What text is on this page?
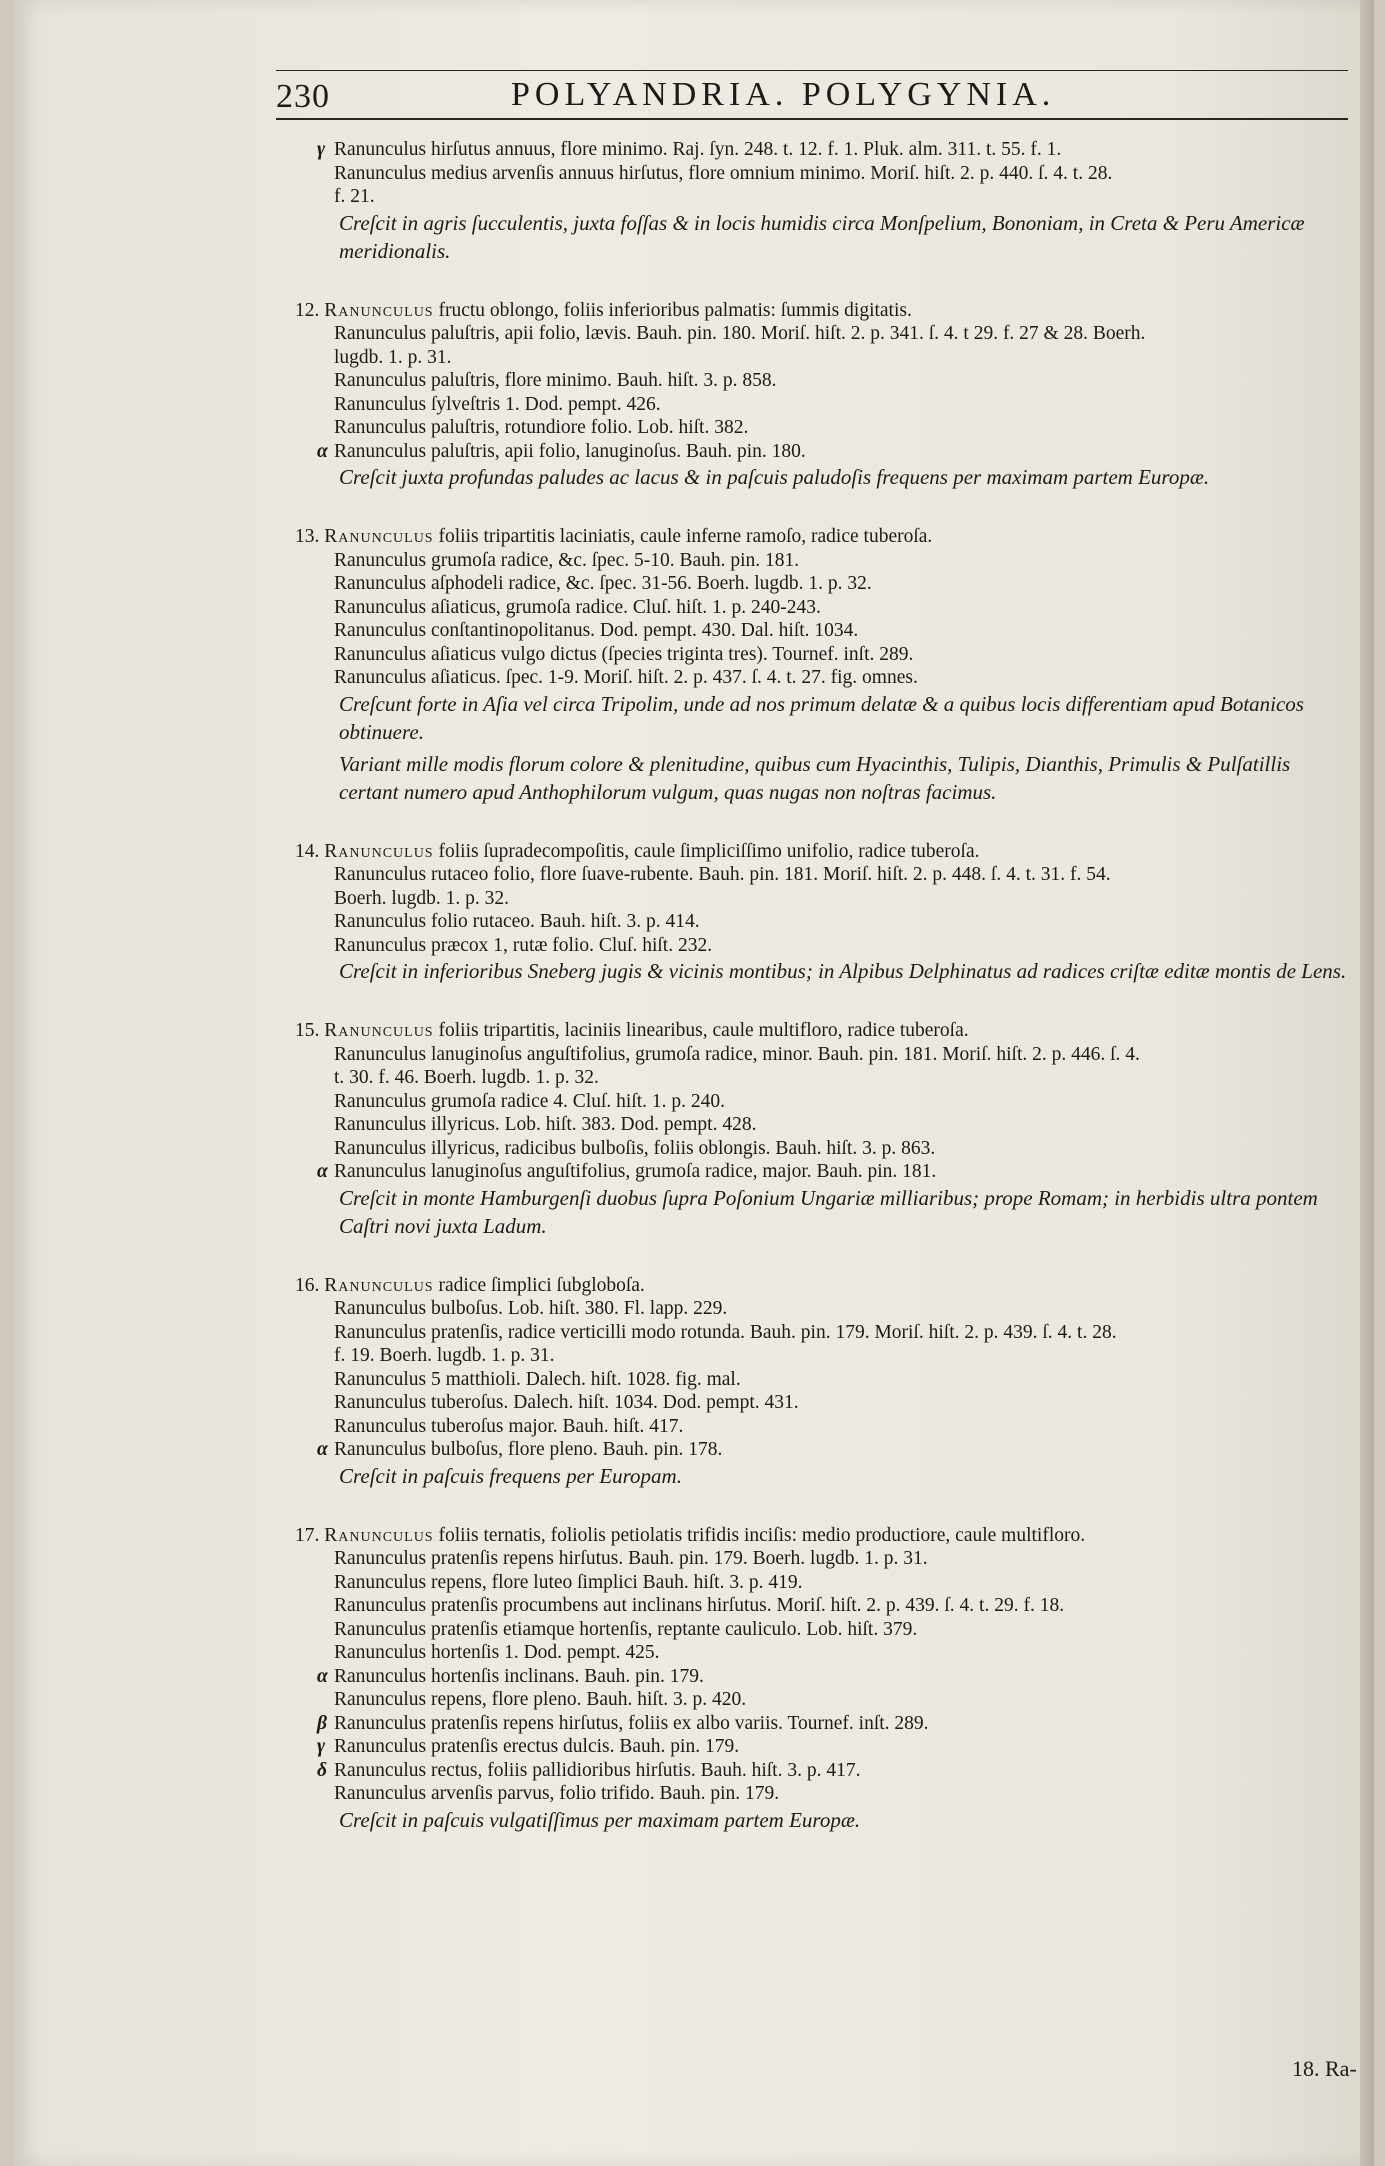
230	POLYANDRIA. POLYGYNIA.
γ Ranunculus hirſutus annuus, flore minimo. Raj. ſyn. 248. t. 12. f. 1. Pluk. alm. 311. t. 55. f. 1.
Ranunculus medius arvenſis annuus hirſutus, flore omnium minimo. Moriſ. hiſt. 2. p. 440. ſ. 4. t. 28.
f. 21.
Creſcit in agris ſucculentis, juxta foſſas & in locis humidis circa Monſpelium, Bononiam, in Creta & Peru Americæ meridionalis.
12. Ranunculus fructu oblongo, foliis inferioribus palmatis: ſummis digitatis.
Ranunculus paluſtris, apii folio, lævis. Bauh. pin. 180. Moriſ. hiſt. 2. p. 341. ſ. 4. t 29. f. 27 & 28. Boerh.
lugdb. 1. p. 31.
Ranunculus paluſtris, flore minimo. Bauh. hiſt. 3. p. 858.
Ranunculus ſylveſtris 1. Dod. pempt. 426.
Ranunculus paluſtris, rotundiore folio. Lob. hiſt. 382.
α Ranunculus paluſtris, apii folio, lanuginoſus. Bauh. pin. 180.
Creſcit juxta profundas paludes ac lacus & in paſcuis paludoſis frequens per maximam partem Europæ.
13. Ranunculus foliis tripartitis laciniatis, caule inferne ramoſo, radice tuberoſa.
Ranunculus grumoſa radice, &c. ſpec. 5-10. Bauh. pin. 181.
Ranunculus aſphodeli radice, &c. ſpec. 31-56. Boerh. lugdb. 1. p. 32.
Ranunculus aſiaticus, grumoſa radice. Cluſ. hiſt. 1. p. 240-243.
Ranunculus conſtantinopolitanus. Dod. pempt. 430. Dal. hiſt. 1034.
Ranunculus aſiaticus vulgo dictus (ſpecies triginta tres). Tournef. inſt. 289.
Ranunculus aſiaticus. ſpec. 1-9. Moriſ. hiſt. 2. p. 437. ſ. 4. t. 27. fig. omnes.
Creſcunt forte in Aſia vel circa Tripolim, unde ad nos primum delatæ & a quibus locis differentiam apud Botanicos obtinuere.
Variant mille modis florum colore & plenitudine, quibus cum Hyacinthis, Tulipis, Dianthis, Primulis & Pulſatillis certant numero apud Anthophilorum vulgum, quas nugas non noſtras facimus.
14. Ranunculus foliis ſupradecompoſitis, caule ſimpliciſſimo unifolio, radice tuberoſa.
Ranunculus rutaceo folio, flore ſuave-rubente. Bauh. pin. 181. Moriſ. hiſt. 2. p. 448. ſ. 4. t. 31. f. 54.
Boerh. lugdb. 1. p. 32.
Ranunculus folio rutaceo. Bauh. hiſt. 3. p. 414.
Ranunculus præcox 1, rutæ folio. Cluſ. hiſt. 232.
Creſcit in inferioribus Sneberg jugis & vicinis montibus; in Alpibus Delphinatus ad radices criſtæ editæ montis de Lens.
15. Ranunculus foliis tripartitis, laciniis linearibus, caule multifloro, radice tuberoſa.
Ranunculus lanuginoſus anguſtifolius, grumoſa radice, minor. Bauh. pin. 181. Moriſ. hiſt. 2. p. 446. ſ. 4.
t. 30. f. 46. Boerh. lugdb. 1. p. 32.
Ranunculus grumoſa radice 4. Cluſ. hiſt. 1. p. 240.
Ranunculus illyricus. Lob. hiſt. 383. Dod. pempt. 428.
Ranunculus illyricus, radicibus bulboſis, foliis oblongis. Bauh. hiſt. 3. p. 863.
α Ranunculus lanuginoſus anguſtifolius, grumoſa radice, major. Bauh. pin. 181.
Creſcit in monte Hamburgenſi duobus ſupra Poſonium Ungariæ milliaribus; prope Romam; in herbidis ultra pontem Caſtri novi juxta Ladum.
16. Ranunculus radice ſimplici ſubgloboſa.
Ranunculus bulboſus. Lob. hiſt. 380. Fl. lapp. 229.
Ranunculus pratenſis, radice verticilli modo rotunda. Bauh. pin. 179. Moriſ. hiſt. 2. p. 439. ſ. 4. t. 28.
f. 19. Boerh. lugdb. 1. p. 31.
Ranunculus 5 matthioli. Dalech. hiſt. 1028. fig. mal.
Ranunculus tuberoſus. Dalech. hiſt. 1034. Dod. pempt. 431.
Ranunculus tuberoſus major. Bauh. hiſt. 417.
α Ranunculus bulboſus, flore pleno. Bauh. pin. 178.
Creſcit in paſcuis frequens per Europam.
17. Ranunculus foliis ternatis, foliolis petiolatis trifidis inciſis: medio productiore, caule multifloro.
Ranunculus pratenſis repens hirſutus. Bauh. pin. 179. Boerh. lugdb. 1. p. 31.
Ranunculus repens, flore luteo ſimplici Bauh. hiſt. 3. p. 419.
Ranunculus pratenſis procumbens aut inclinans hirſutus. Moriſ. hiſt. 2. p. 439. ſ. 4. t. 29. f. 18.
Ranunculus pratenſis etiamque hortenſis, reptante cauliculo. Lob. hiſt. 379.
Ranunculus hortenſis 1. Dod. pempt. 425.
α Ranunculus hortenſis inclinans. Bauh. pin. 179.
Ranunculus repens, flore pleno. Bauh. hiſt. 3. p. 420.
β Ranunculus pratenſis repens hirſutus, foliis ex albo variis. Tournef. inſt. 289.
γ Ranunculus pratenſis erectus dulcis. Bauh. pin. 179.
δ Ranunculus rectus, foliis pallidioribus hirſutis. Bauh. hiſt. 3. p. 417.
Ranunculus arvenſis parvus, folio trifido. Bauh. pin. 179.
Creſcit in paſcuis vulgatiſſimus per maximam partem Europæ.
18. Ra-
